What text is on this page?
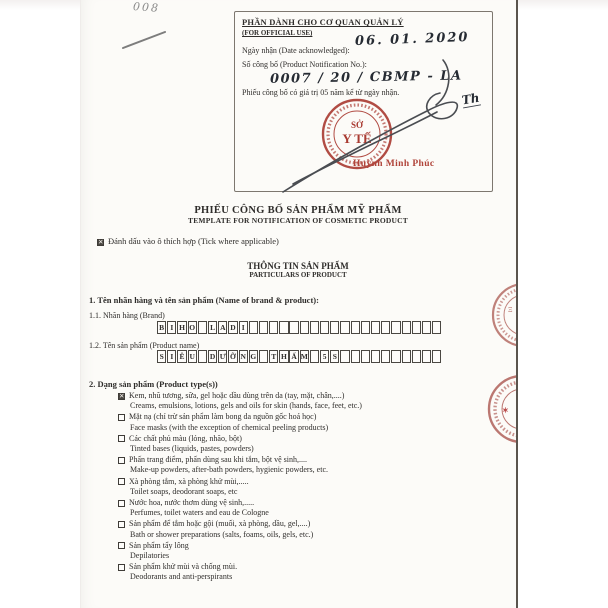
008
PHẦN DÀNH CHO CƠ QUAN QUẢN LÝ
(FOR OFFICIAL USE)
Ngày nhận (Date acknowledged):
06. 01. 2020
Số công bố (Product Notification No.):
0007 / 20 / CBMP - LA
Phiếu công bố có giá trị 05 năm kể từ ngày nhận.	Th
SỞ
Y TẾ
Huỳnh Minh Phúc
PHIẾU CÔNG BỐ SẢN PHẨM MỸ PHẨM
TEMPLATE FOR NOTIFICATION OF COSMETIC PRODUCT
✕ Đánh dấu vào ô thích hợp (Tick where applicable)
THÔNG TIN SẢN PHẨM
PARTICULARS OF PRODUCT
1. Tên nhãn hàng và tên sản phẩm (Name of brand & product):
1.1. Nhãn hàng (Brand)
B I H O L A D I
1.2. Tên sản phẩm (Product name)
S I Ê U D Ư Ỡ N G T H Ấ M	5 S
2. Dạng sản phẩm (Product type(s))
✕ Kem, nhũ tương, sữa, gel hoặc dầu dùng trên da (tay, mặt, chân,....)
Creams, emulsions, lotions, gels and oils for skin (hands, face, feet, etc.)
Mặt nạ (chỉ trừ sản phẩm làm bong da nguồn gốc hoá học)
Face masks (with the exception of chemical peeling products)
Các chất phủ màu (lỏng, nhão, bột)
Tinted bases (liquids, pastes, powders)
Phấn trang điểm, phấn dùng sau khi tắm, bột vệ sinh,....
Make-up powders, after-bath powders, hygienic powders, etc.
Xà phòng tắm, xà phòng khử mùi,.....
Toilet soaps, deodorant soaps, etc
Nước hoa, nước thơm dùng vệ sinh,.....
Perfumes, toilet waters and eau de Cologne
Sản phẩm để tắm hoặc gội (muối, xà phòng, dầu, gel,....)
Bath or shower preparations (salts, foams, oils, gels, etc.)
Sản phẩm tẩy lông
Depilatories
Sản phẩm khử mùi và chống mùi.
Deodorants and anti-perspirants
Ξ
✶
